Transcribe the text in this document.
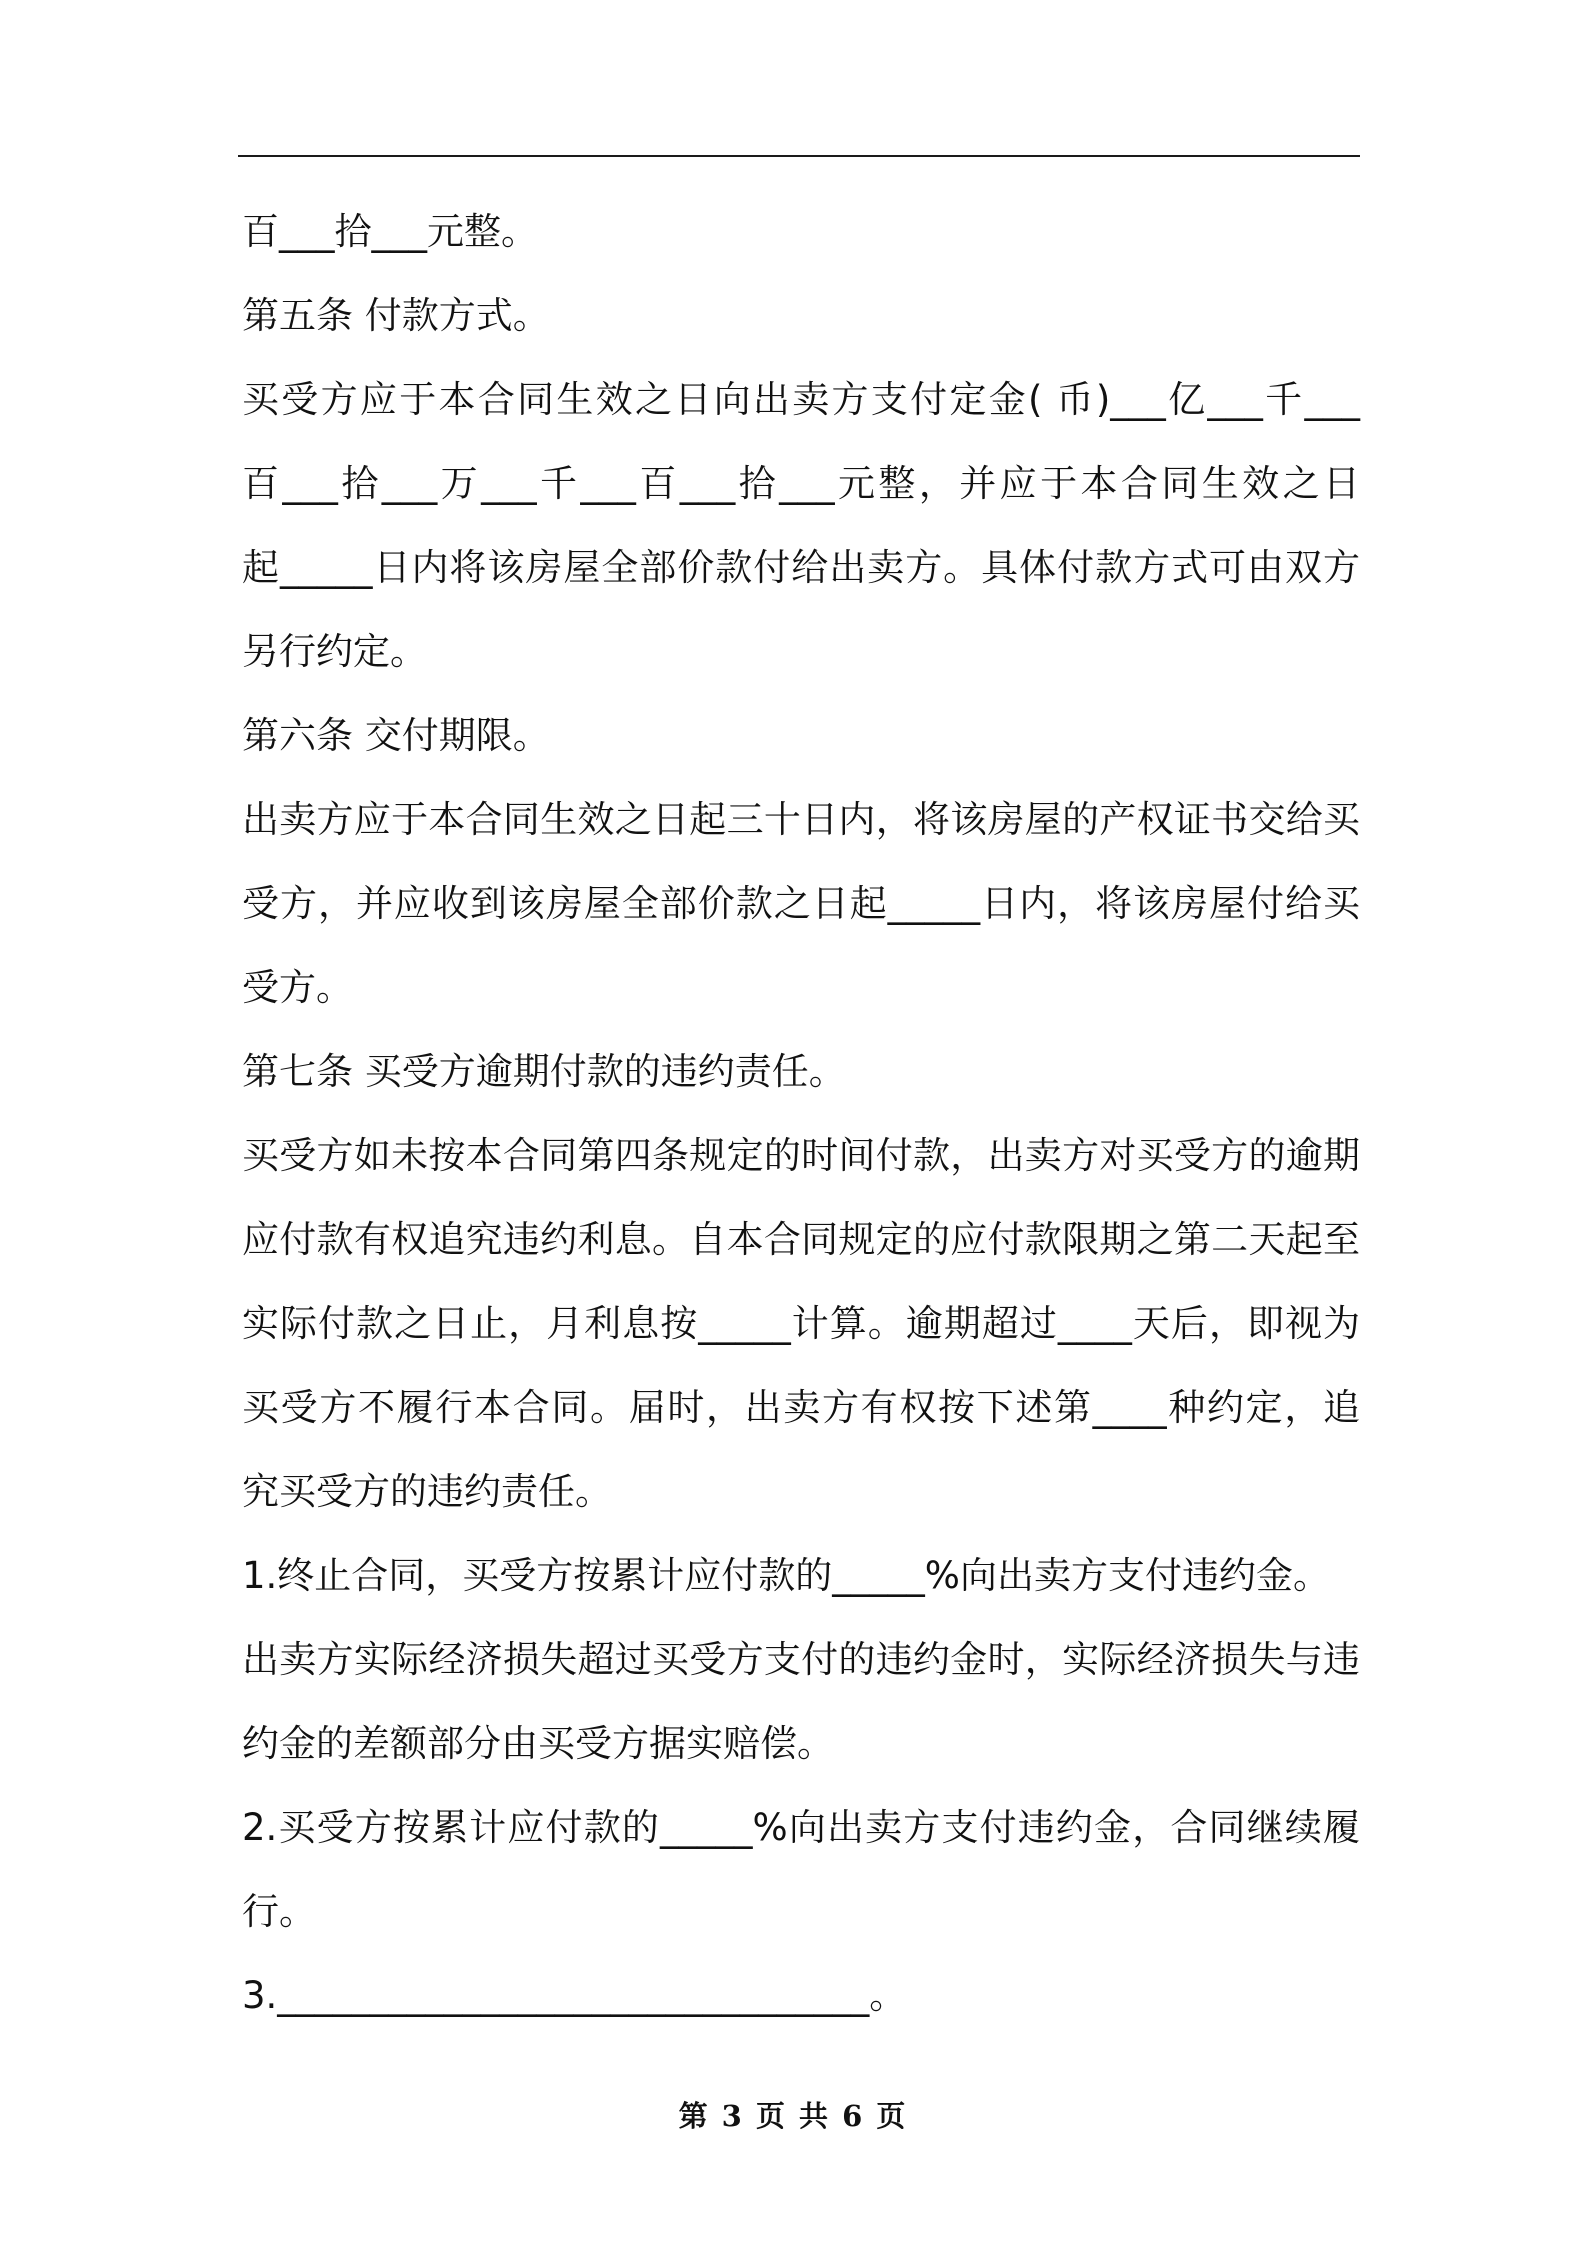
百___拾___元整。
第五条 付款方式。
买受方应于本合同生效之日向出卖方支付定金( 币)___亿___千___
百___拾___万___千___百___拾___元整，并应于本合同生效之日
起_____日内将该房屋全部价款付给出卖方。具体付款方式可由双方
另行约定。
第六条 交付期限。
出卖方应于本合同生效之日起三十日内，将该房屋的产权证书交给买
受方，并应收到该房屋全部价款之日起_____日内，将该房屋付给买
受方。
第七条 买受方逾期付款的违约责任。
买受方如未按本合同第四条规定的时间付款，出卖方对买受方的逾期
应付款有权追究违约利息。自本合同规定的应付款限期之第二天起至
实际付款之日止，月利息按_____计算。逾期超过____天后，即视为
买受方不履行本合同。届时，出卖方有权按下述第____种约定，追
究买受方的违约责任。
1.终止合同，买受方按累计应付款的_____%向出卖方支付违约金。
出卖方实际经济损失超过买受方支付的违约金时，实际经济损失与违
约金的差额部分由买受方据实赔偿。
2.买受方按累计应付款的_____%向出卖方支付违约金，合同继续履
行。
3.________________________________。
第 3 页 共 6 页
